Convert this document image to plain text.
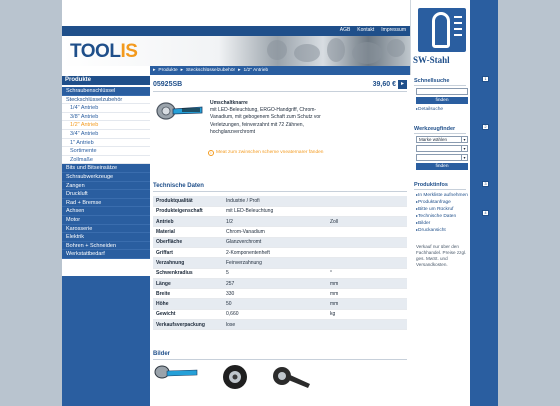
AGB Kontakt Impressum
TOOLIS	SW-Stahl
1
2
3
4
Produkte
Schraubenschlüssel
Steckschlüsselzubehör
1/4" Antrieb
3/8" Antrieb
1/2" Antrieb
3/4" Antrieb
1" Antrieb
Sortimente
Zollmaße
Bits und Bitseinsätze
Schraubwerkzeuge
Zangen
Druckluft
Rad + Bremse
Achsen
Motor
Karosserie
Elektrik
Bohren + Schneiden
Werkstattbedarf
▸ Produkte ▸ Steckschlüsselzubehör ▸ 1/2" Antrieb
05925SB	39,60 € ▸
Umschaltknarre
mit LED-Beleuchtung, ERGO-Handgriff, Chrom-
Vanadium, mit gebogenem Schaft zum Schutz vor
Verletzungen, feinverzahnt mit 72 Zähnen,
hochglanzverchromt
i Meat zum zwinschen scheme vneaternarer fänden
Technische Daten
Produktqualität	Industrie / Profi	
Produkteigenschaft	mit LED-Beleuchtung	
Antrieb	1/2	Zoll
Material	Chrom-Vanadium	
Oberfläche	Glanzverchromt	
Griffart	2-Komponentenheft	
Verzahnung	Feinverzahnung	
Schwenkradius	5	°
Länge	257	mm
Breite	330	mm
Höhe	50	mm
Gewicht	0,660	kg
Verkaufsverpackung	lose	
Bilder
Schnellsuche
finden
▸ Detailsuche
Werkzeugfinder
Marke wählen	▾
▾
▾
finden
Produktinfos
▸ In Merkliste aufnehmen
▸ Produktanfrage
▸ Bitte um Rückruf
▸ Technische Daten
▸ Bilder
▸ Druckansicht
Verkauf nur über den Fachhandel. Preise zzgl. ges. MwSt. und Versandkosten.
